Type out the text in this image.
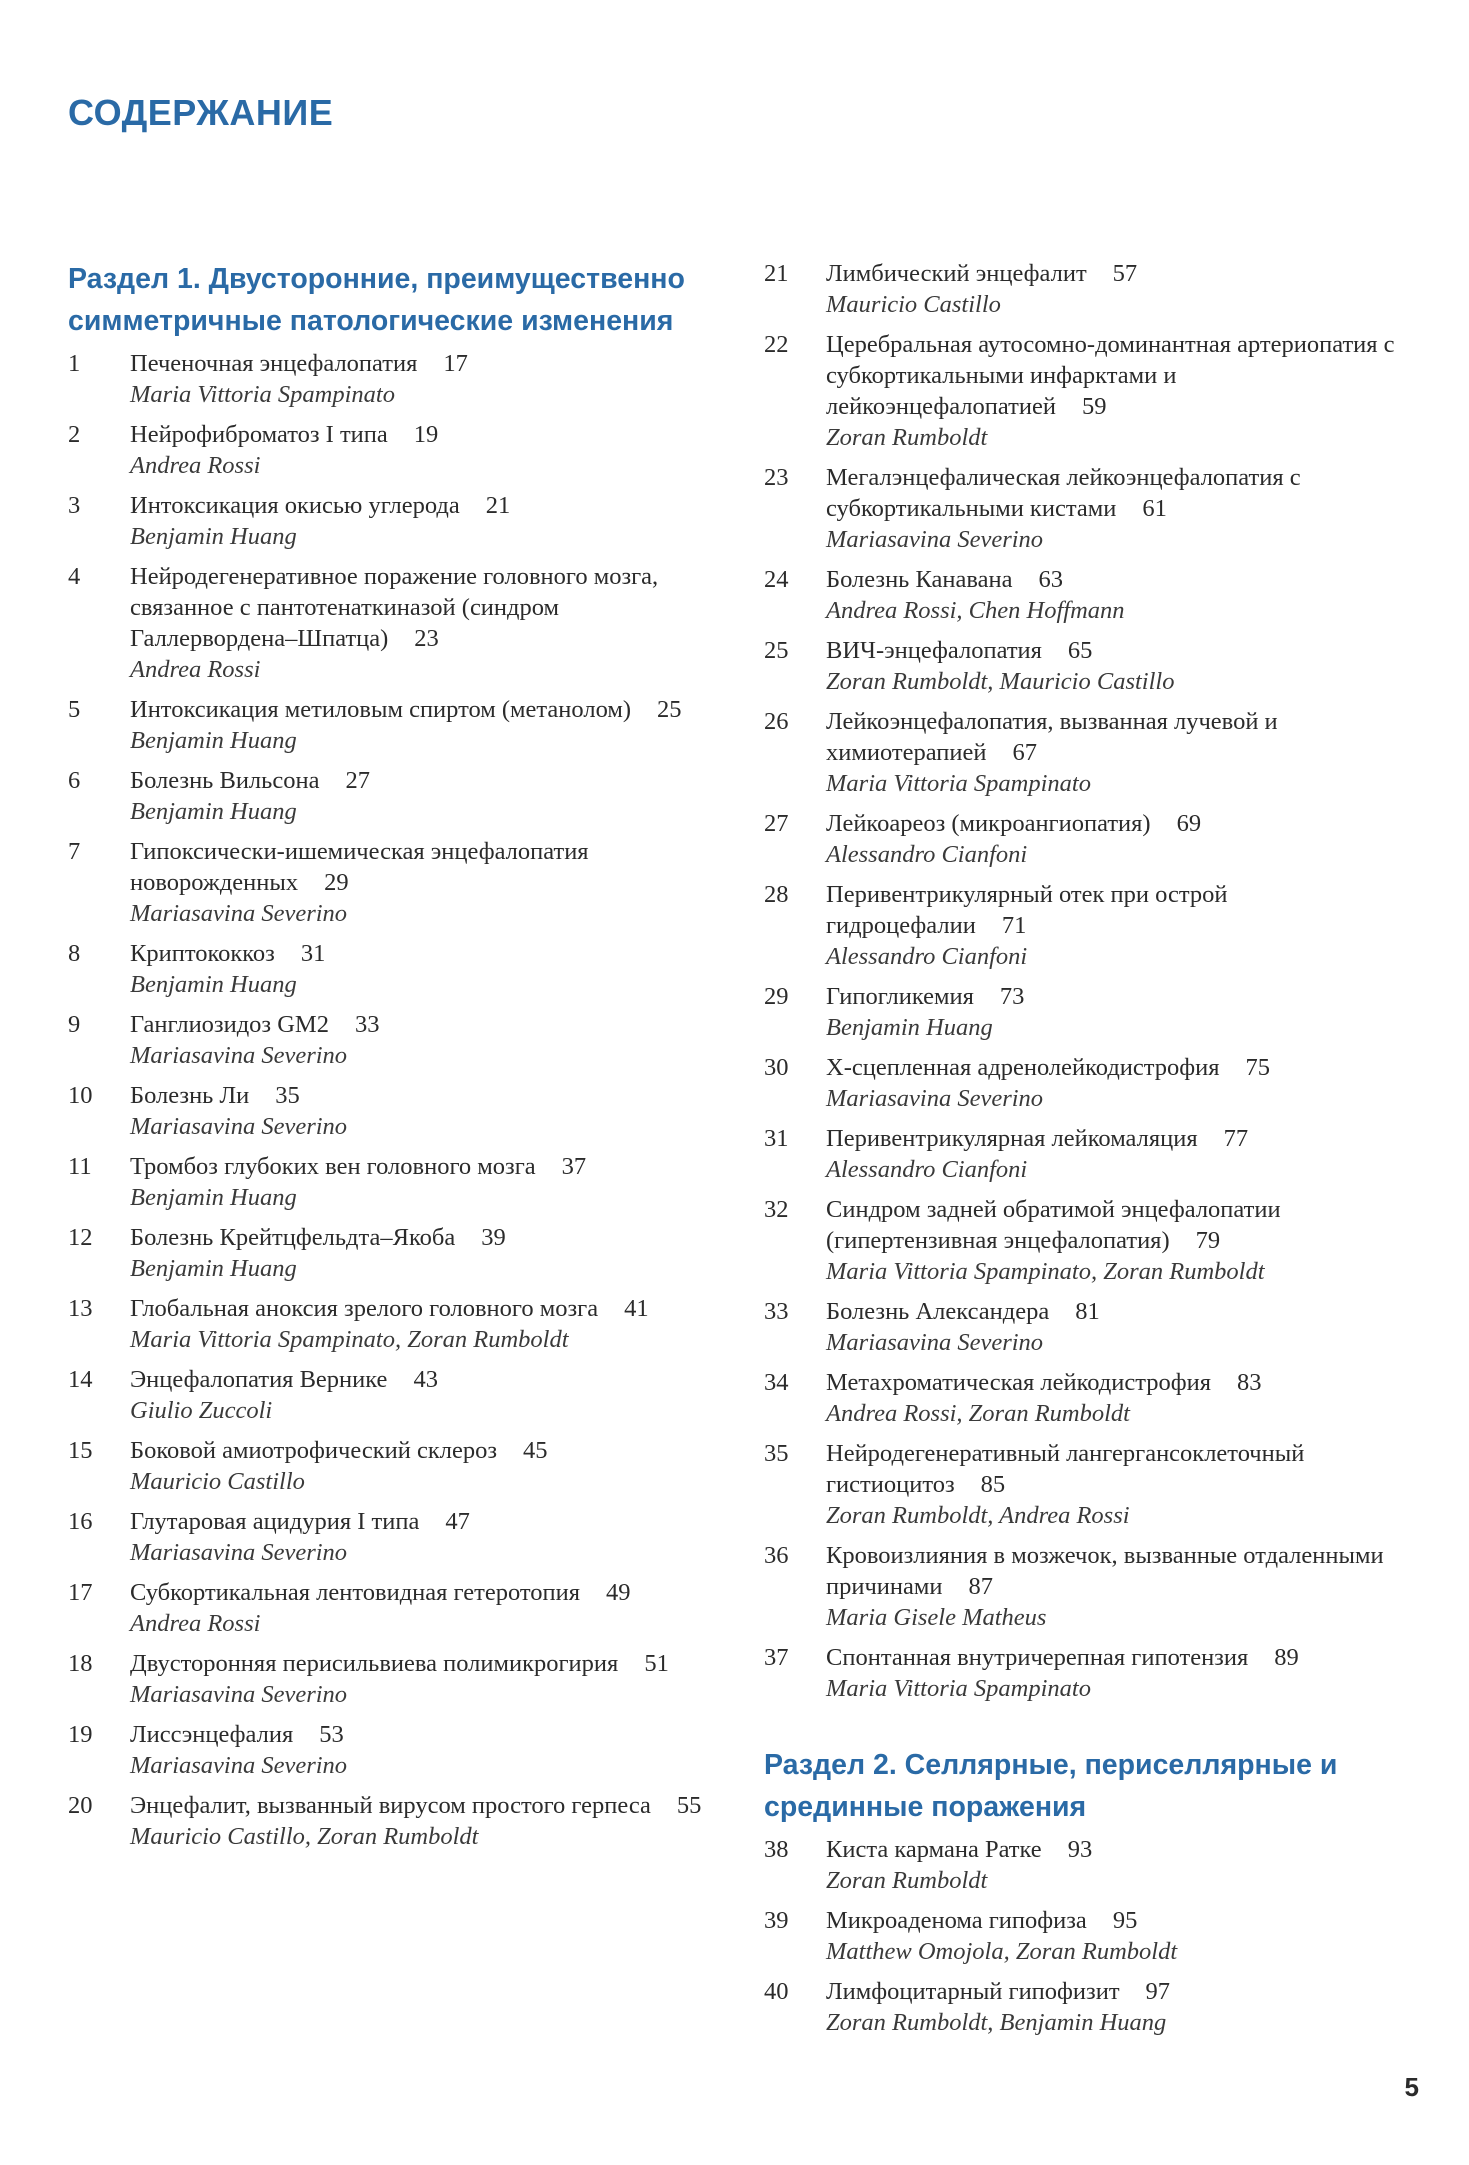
СОДЕРЖАНИЕ
Раздел 1. Двусторонние, преимущественно симметричные патологические изменения
1	Печеночная энцефалопатия 17
Maria Vittoria Spampinato
2	Нейрофиброматоз I типа 19
Andrea Rossi
3	Интоксикация окисью углерода 21
Benjamin Huang
4	Нейродегенеративное поражение головного мозга, связанное с пантотенаткиназой (синдром Галлервордена–Шпатца) 23
Andrea Rossi
5	Интоксикация метиловым спиртом (метанолом) 25
Benjamin Huang
6	Болезнь Вильсона 27
Benjamin Huang
7	Гипоксически-ишемическая энцефалопатия новорожденных 29
Mariasavina Severino
8	Криптококкоз 31
Benjamin Huang
9	Ганглиозидоз GM2 33
Mariasavina Severino
10	Болезнь Ли 35
Mariasavina Severino
11	Тромбоз глубоких вен головного мозга 37
Benjamin Huang
12	Болезнь Крейтцфельдта–Якоба 39
Benjamin Huang
13	Глобальная аноксия зрелого головного мозга 41
Maria Vittoria Spampinato, Zoran Rumboldt
14	Энцефалопатия Вернике 43
Giulio Zuccoli
15	Боковой амиотрофический склероз 45
Mauricio Castillo
16	Глутаровая ацидурия I типа 47
Mariasavina Severino
17	Субкортикальная лентовидная гетеротопия 49
Andrea Rossi
18	Двусторонняя перисильвиева полимикрогирия 51
Mariasavina Severino
19	Лиссэнцефалия 53
Mariasavina Severino
20	Энцефалит, вызванный вирусом простого герпеса 55
Mauricio Castillo, Zoran Rumboldt
21	Лимбический энцефалит 57
Mauricio Castillo
22	Церебральная аутосомно-доминантная артериопатия с субкортикальными инфарктами и лейкоэнцефалопатией 59
Zoran Rumboldt
23	Мегалэнцефалическая лейкоэнцефалопатия с субкортикальными кистами 61
Mariasavina Severino
24	Болезнь Канавана 63
Andrea Rossi, Chen Hoffmann
25	ВИЧ-энцефалопатия 65
Zoran Rumboldt, Mauricio Castillo
26	Лейкоэнцефалопатия, вызванная лучевой и химиотерапией 67
Maria Vittoria Spampinato
27	Лейкоареоз (микроангиопатия) 69
Alessandro Cianfoni
28	Перивентрикулярный отек при острой гидроцефалии 71
Alessandro Cianfoni
29	Гипогликемия 73
Benjamin Huang
30	X-сцепленная адренолейкодистрофия 75
Mariasavina Severino
31	Перивентрикулярная лейкомаляция 77
Alessandro Cianfoni
32	Синдром задней обратимой энцефалопатии (гипертензивная энцефалопатия) 79
Maria Vittoria Spampinato, Zoran Rumboldt
33	Болезнь Александера 81
Mariasavina Severino
34	Метахроматическая лейкодистрофия 83
Andrea Rossi, Zoran Rumboldt
35	Нейродегенеративный лангергансоклеточный гистиоцитоз 85
Zoran Rumboldt, Andrea Rossi
36	Кровоизлияния в мозжечок, вызванные отдаленными причинами 87
Maria Gisele Matheus
37	Спонтанная внутричерепная гипотензия 89
Maria Vittoria Spampinato
Раздел 2. Селлярные, периселлярные и срединные поражения
38	Киста кармана Ратке 93
Zoran Rumboldt
39	Микроаденома гипофиза 95
Matthew Omojola, Zoran Rumboldt
40	Лимфоцитарный гипофизит 97
Zoran Rumboldt, Benjamin Huang
5
